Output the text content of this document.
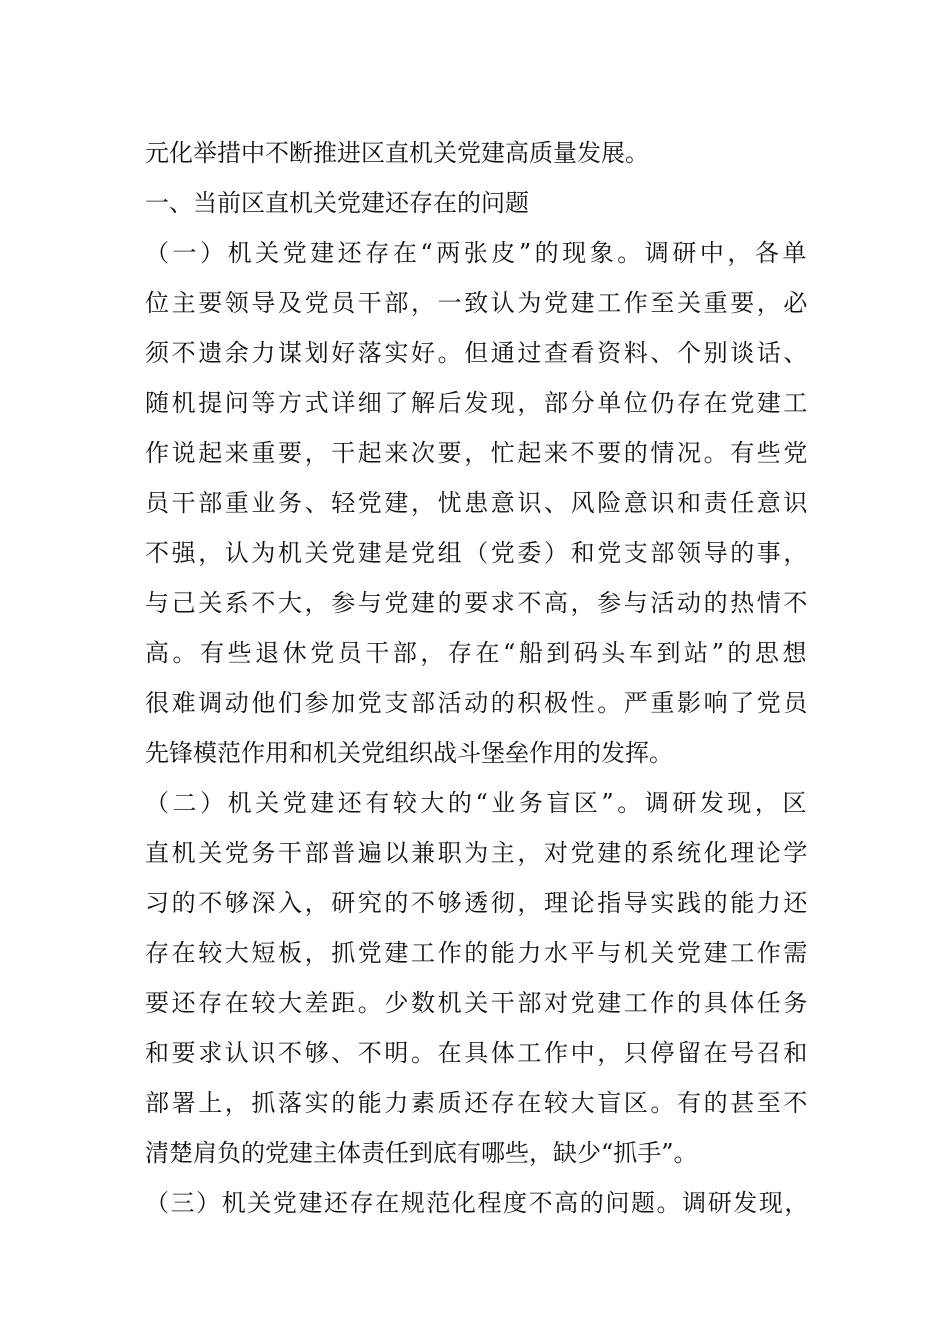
元化举措中不断推进区直机关党建高质量发展。
一、当前区直机关党建还存在的问题
（一）机关党建还存在“两张皮”的现象。调研中，各单
位主要领导及党员干部，一致认为党建工作至关重要，必
须不遗余力谋划好落实好。但通过查看资料、个别谈话、
随机提问等方式详细了解后发现，部分单位仍存在党建工
作说起来重要，干起来次要，忙起来不要的情况。有些党
员干部重业务、轻党建，忧患意识、风险意识和责任意识
不强，认为机关党建是党组（党委）和党支部领导的事，
与己关系不大，参与党建的要求不高，参与活动的热情不
高。有些退休党员干部，存在“船到码头车到站”的思想
很难调动他们参加党支部活动的积极性。严重影响了党员
先锋模范作用和机关党组织战斗堡垒作用的发挥。
（二）机关党建还有较大的“业务盲区”。调研发现，区
直机关党务干部普遍以兼职为主，对党建的系统化理论学
习的不够深入，研究的不够透彻，理论指导实践的能力还
存在较大短板，抓党建工作的能力水平与机关党建工作需
要还存在较大差距。少数机关干部对党建工作的具体任务
和要求认识不够、不明。在具体工作中，只停留在号召和
部署上，抓落实的能力素质还存在较大盲区。有的甚至不
清楚肩负的党建主体责任到底有哪些，缺少“抓手”。
（三）机关党建还存在规范化程度不高的问题。调研发现，
